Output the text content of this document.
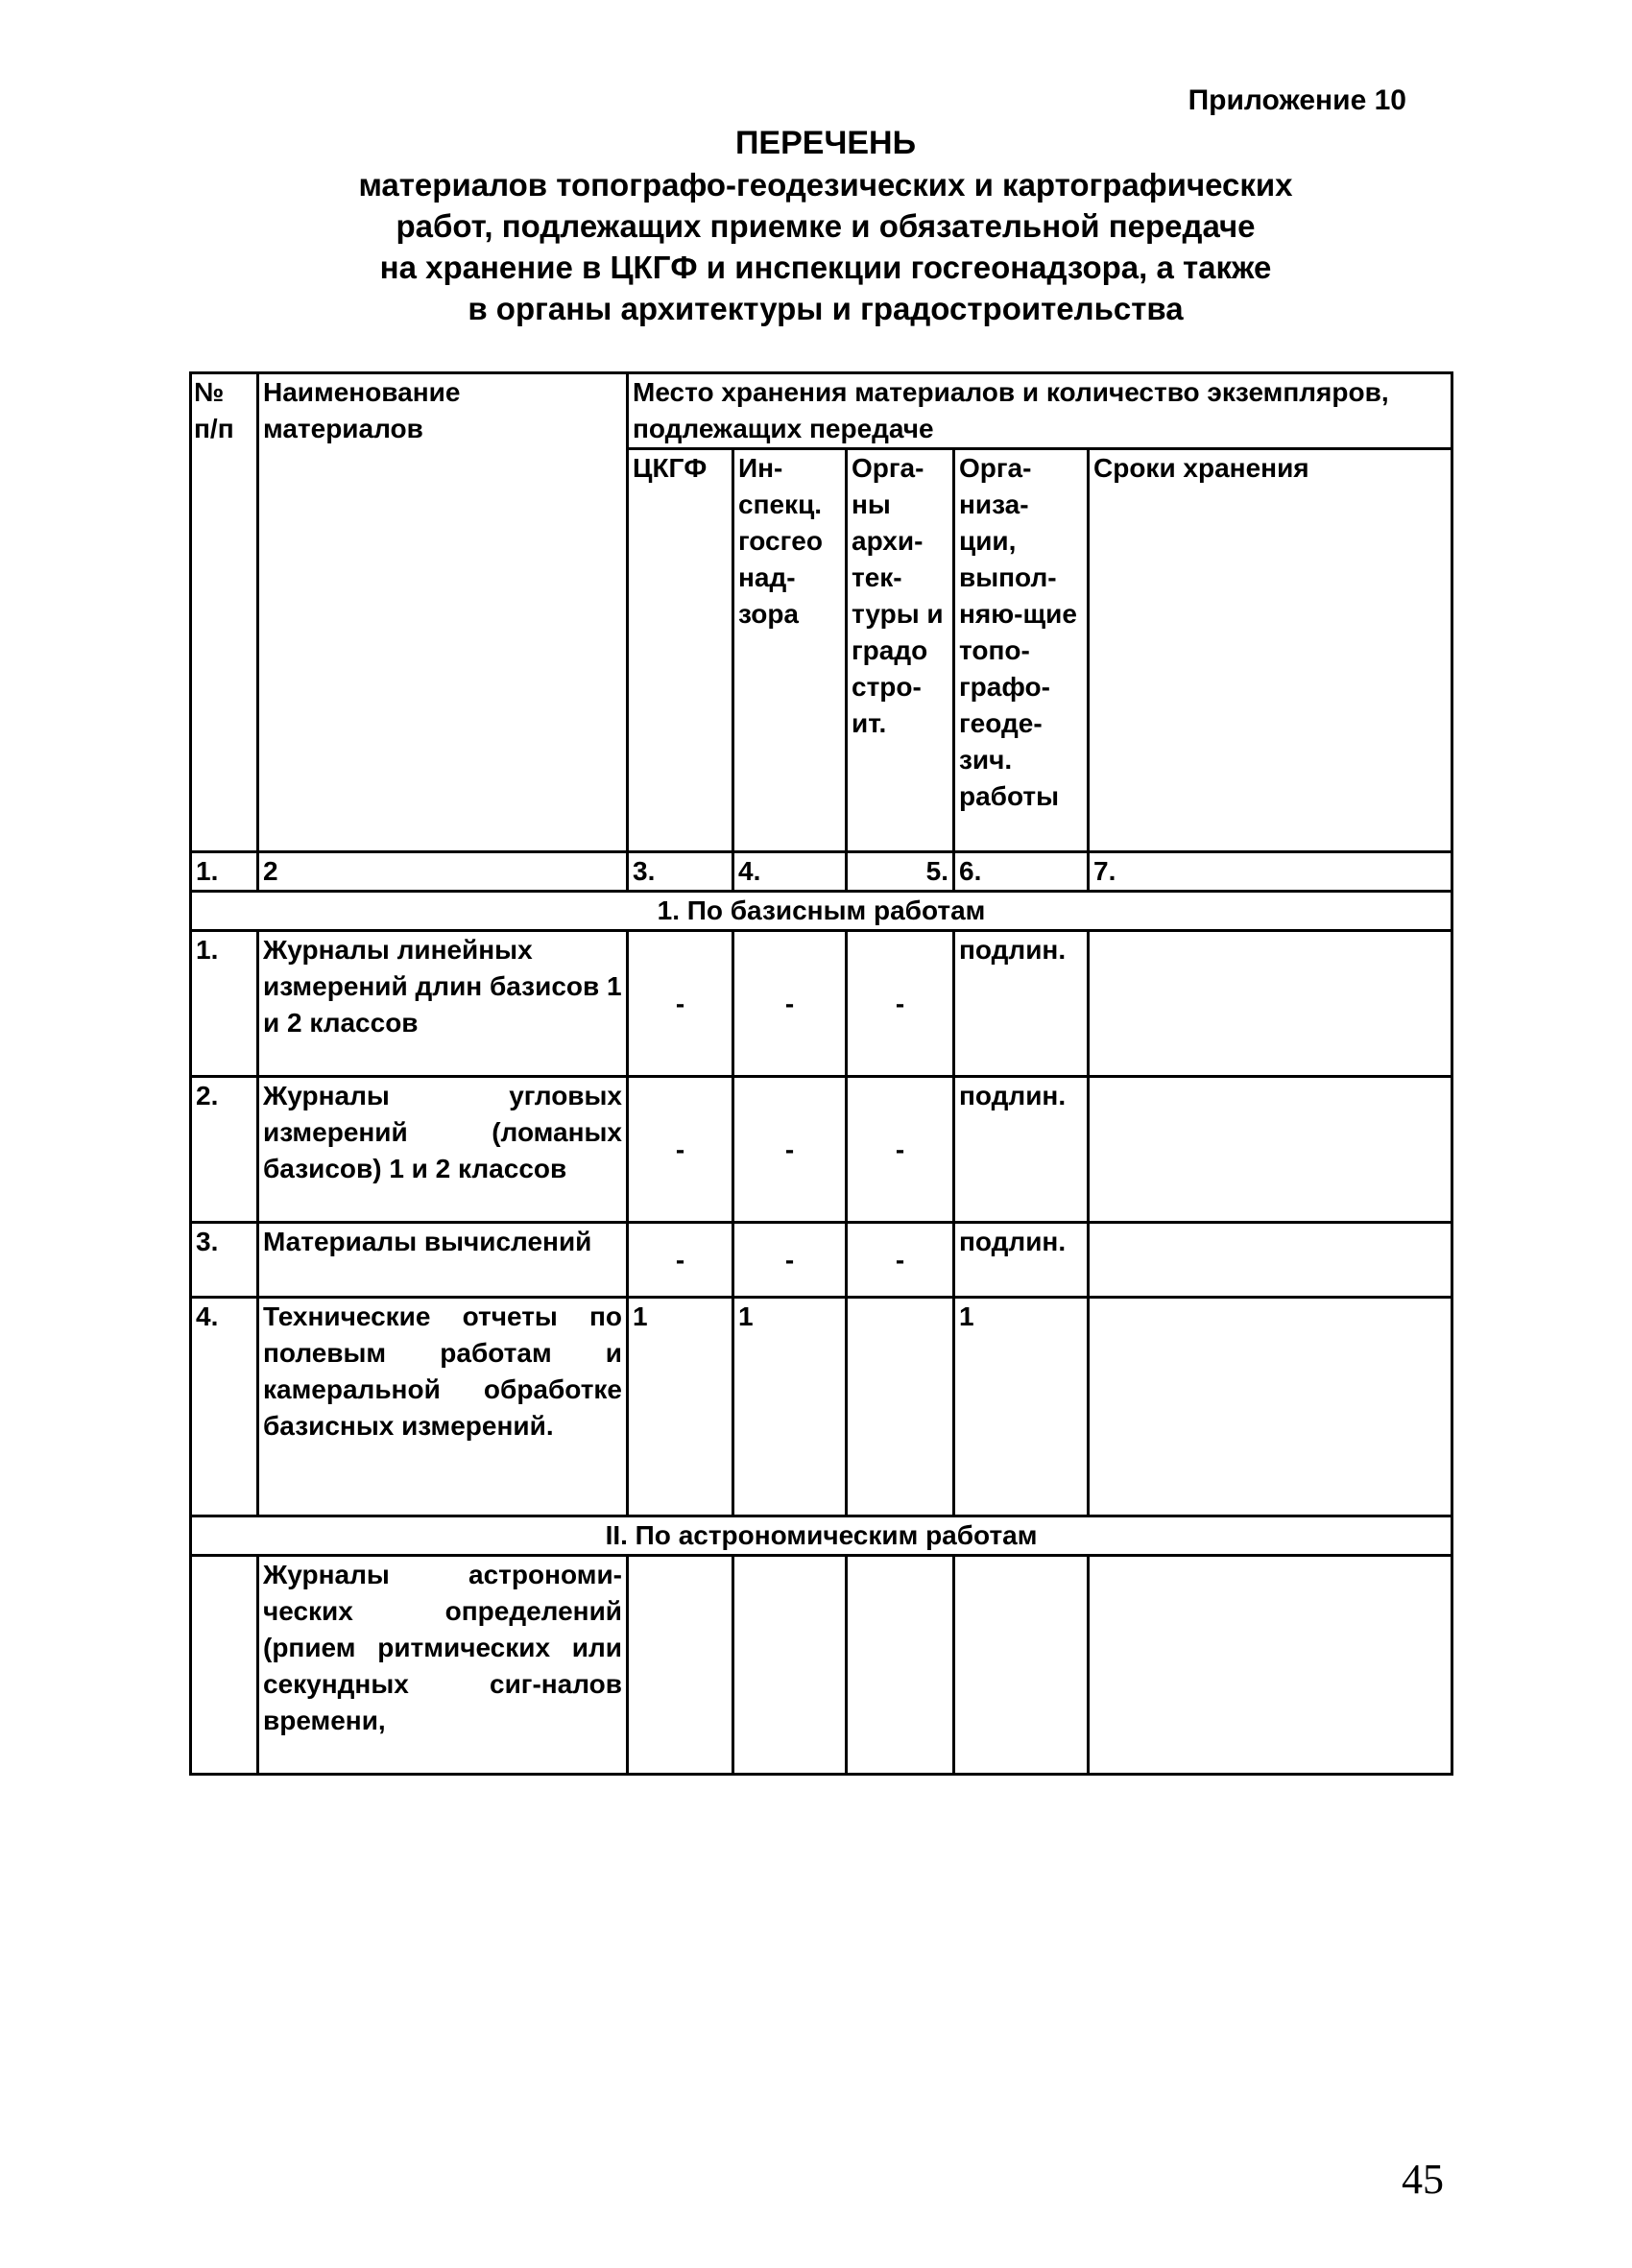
Приложение 10
ПЕРЕЧЕНЬ
материалов топографо-геодезических и картографических
работ, подлежащих приемке и обязательной передаче
на хранение в ЦКГФ и инспекции госгеонадзора, а также
в органы архитектуры и градостроительства
№ п/п	Наименование материалов	Место хранения материалов и количество экземпляров, подлежащих передаче				
		ЦКГФ	Ин-спекц. госгео над-зора	Орга-ны архи-тек-туры и градо стро-ит.	Орга-низа-ции, выпол-няю-щие топо-графо-геоде-зич. работы	Сроки хранения
1.	2	3.	4.	5.	6.	7.
1. По базисным работам						
1.	Журналы линейных измерений длин базисов 1 и 2 классов	-	-	-	подлин.	
2.	Журналы угловых измерений (ломаных базисов) 1 и 2 классов	-	-	-	подлин.	
3.	Материалы вычислений	-	-	-	подлин.	
4.	Технические отчеты по полевым работам и камеральной обработке базисных измерений.	1	1		1	
II. По астрономическим работам						
	Журналы астрономи-ческих определений (рпием ритмических или секундных сиг-налов времени,					
45
